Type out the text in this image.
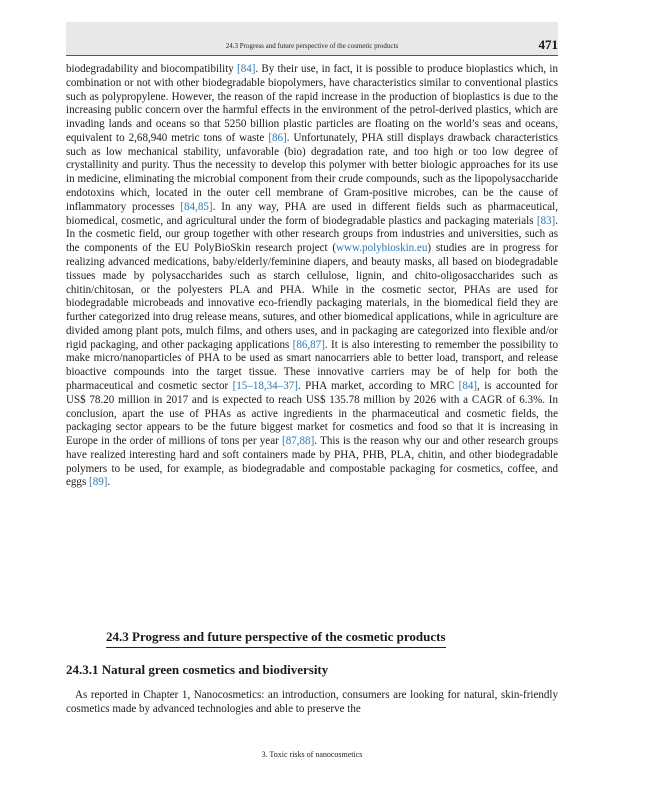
24.3 Progress and future perspective of the cosmetic products	471

biodegradability and biocompatibility [84]. By their use, in fact, it is possible to produce bioplastics which, in combination or not with other biodegradable biopolymers, have characteristics similar to conventional plastics such as polypropylene. However, the reason of the rapid increase in the production of bioplastics is due to the increasing public concern over the harmful effects in the environment of the petrol-derived plastics, which are invading lands and oceans so that 5250 billion plastic particles are floating on the world’s seas and oceans, equivalent to 2,68,940 metric tons of waste [86]. Unfortunately, PHA still displays drawback characteristics such as low mechanical stability, unfavorable (bio) degradation rate, and too high or too low degree of crystallinity and purity. Thus the necessity to develop this polymer with better biologic approaches for its use in medicine, eliminating the microbial component from their crude compounds, such as the lipopolysaccharide endotoxins which, located in the outer cell membrane of Gram-positive microbes, can be the cause of inflammatory processes [84,85]. In any way, PHA are used in different fields such as pharmaceutical, biomedical, cosmetic, and agricultural under the form of biodegradable plastics and packaging materials [83]. In the cosmetic field, our group together with other research groups from industries and universities, such as the components of the EU PolyBioSkin research project (www.polybioskin.eu) studies are in progress for realizing advanced medications, baby/elderly/feminine diapers, and beauty masks, all based on biodegradable tissues made by polysaccharides such as starch cellulose, lignin, and chito-oligosaccharides such as chitin/chitosan, or the polyesters PLA and PHA. While in the cosmetic sector, PHAs are used for biodegradable microbeads and innovative eco-friendly packaging materials, in the biomedical field they are further categorized into drug release means, sutures, and other biomedical applications, while in agriculture are divided among plant pots, mulch films, and others uses, and in packaging are categorized into flexible and/or rigid packaging, and other packaging applications [86,87]. It is also interesting to remember the possibility to make micro/nanoparticles of PHA to be used as smart nanocarriers able to better load, transport, and release bioactive compounds into the target tissue. These innovative carriers may be of help for both the pharmaceutical and cosmetic sector [15–18,34–37]. PHA market, according to MRC [84], is accounted for US$ 78.20 million in 2017 and is expected to reach US$ 135.78 million by 2026 with a CAGR of 6.3%. In conclusion, apart the use of PHAs as active ingredients in the pharmaceutical and cosmetic fields, the packaging sector appears to be the future biggest market for cosmetics and food so that it is increasing in Europe in the order of millions of tons per year [87,88]. This is the reason why our and other research groups have realized interesting hard and soft containers made by PHA, PHB, PLA, chitin, and other biodegradable polymers to be used, for example, as biodegradable and compostable packaging for cosmetics, coffee, and eggs [89].

24.3 Progress and future perspective of the cosmetic products
24.3.1 Natural green cosmetics and biodiversity
As reported in Chapter 1, Nanocosmetics: an introduction, consumers are looking for natural, skin-friendly cosmetics made by advanced technologies and able to preserve the
3. Toxic risks of nanocosmetics
